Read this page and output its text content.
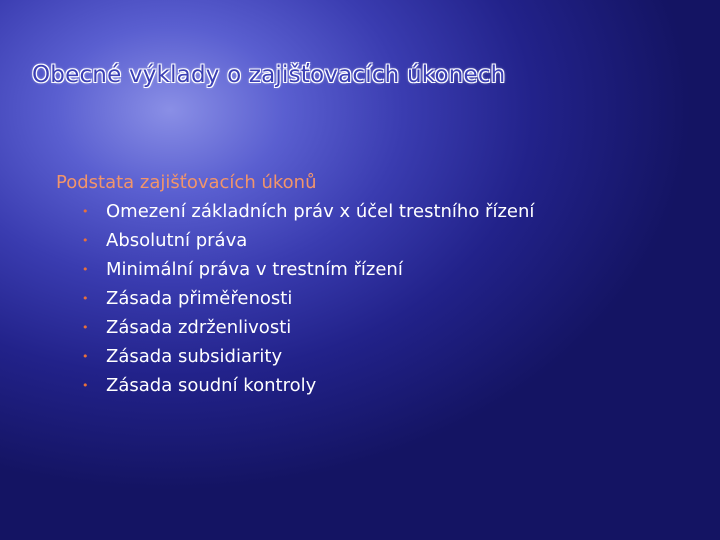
Obecné výklady o zajišťovacích úkonech
Podstata zajišťovacích úkonů
• Omezení základních práv x účel trestního řízení
• Absolutní práva
• Minimální práva v trestním řízení
• Zásada přiměřenosti
• Zásada zdrženlivosti
• Zásada subsidiarity
• Zásada soudní kontroly
